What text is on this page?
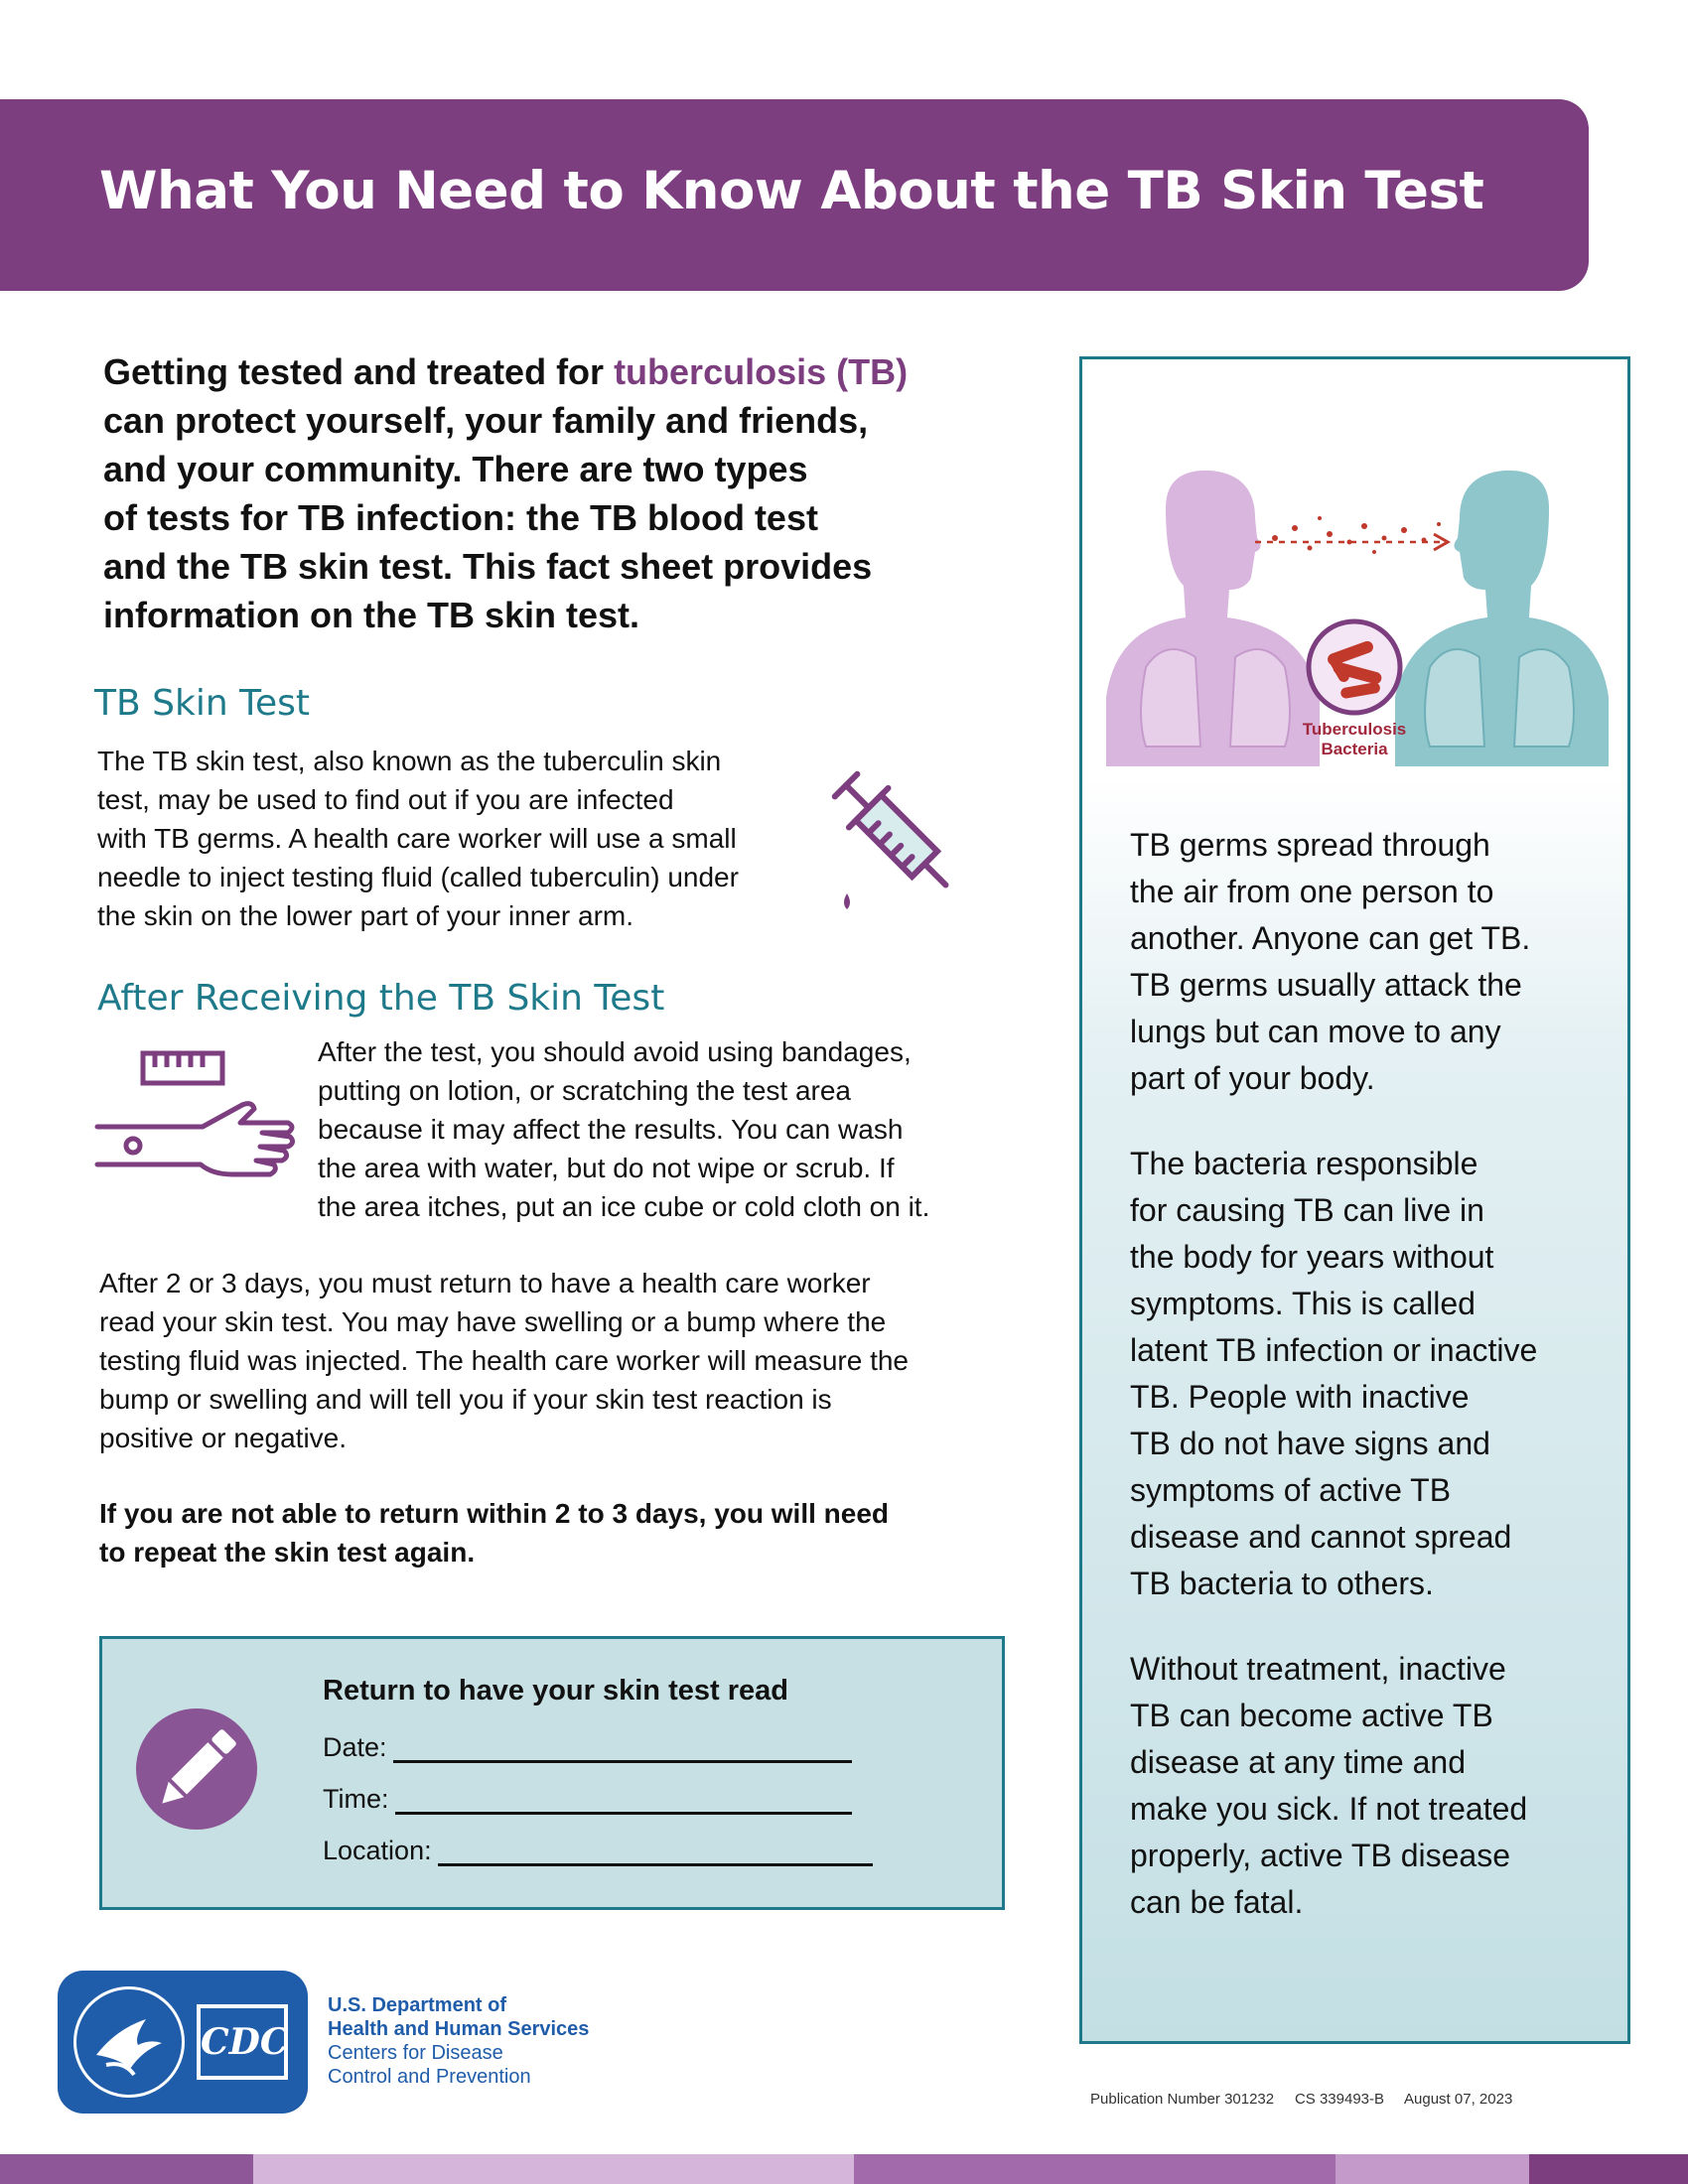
What You Need to Know About the TB Skin Test

Getting tested and treated for tuberculosis (TB)
can protect yourself, your family and friends,
and your community. There are two types
of tests for TB infection: the TB blood test
and the TB skin test. This fact sheet provides
information on the TB skin test.

TB Skin Test

The TB skin test, also known as the tuberculin skin
test, may be used to find out if you are infected
with TB germs. A health care worker will use a small
needle to inject testing fluid (called tuberculin) under
the skin on the lower part of your inner arm.

After Receiving the TB Skin Test

After the test, you should avoid using bandages,
putting on lotion, or scratching the test area
because it may affect the results. You can wash
the area with water, but do not wipe or scrub. If
the area itches, put an ice cube or cold cloth on it.

After 2 or 3 days, you must return to have a health care worker
read your skin test. You may have swelling or a bump where the
testing fluid was injected. The health care worker will measure the
bump or swelling and will tell you if your skin test reaction is
positive or negative.

If you are not able to return within 2 to 3 days, you will need
to repeat the skin test again.

Return to have your skin test read

Date:
Time:
Location:
Tuberculosis
Bacteria

TB germs spread through
the air from one person to
another. Anyone can get TB.
TB germs usually attack the
lungs but can move to any
part of your body.

The bacteria responsible
for causing TB can live in
the body for years without
symptoms. This is called
latent TB infection or inactive
TB. People with inactive
TB do not have signs and
symptoms of active TB
disease and cannot spread
TB bacteria to others.

Without treatment, inactive
TB can become active TB
disease at any time and
make you sick. If not treated
properly, active TB disease
can be fatal.

CDC

U.S. Department of

Health and Human Services

Centers for Disease

Control and Prevention

Publication Number 301232     CS 339493-B     August 07, 2023
